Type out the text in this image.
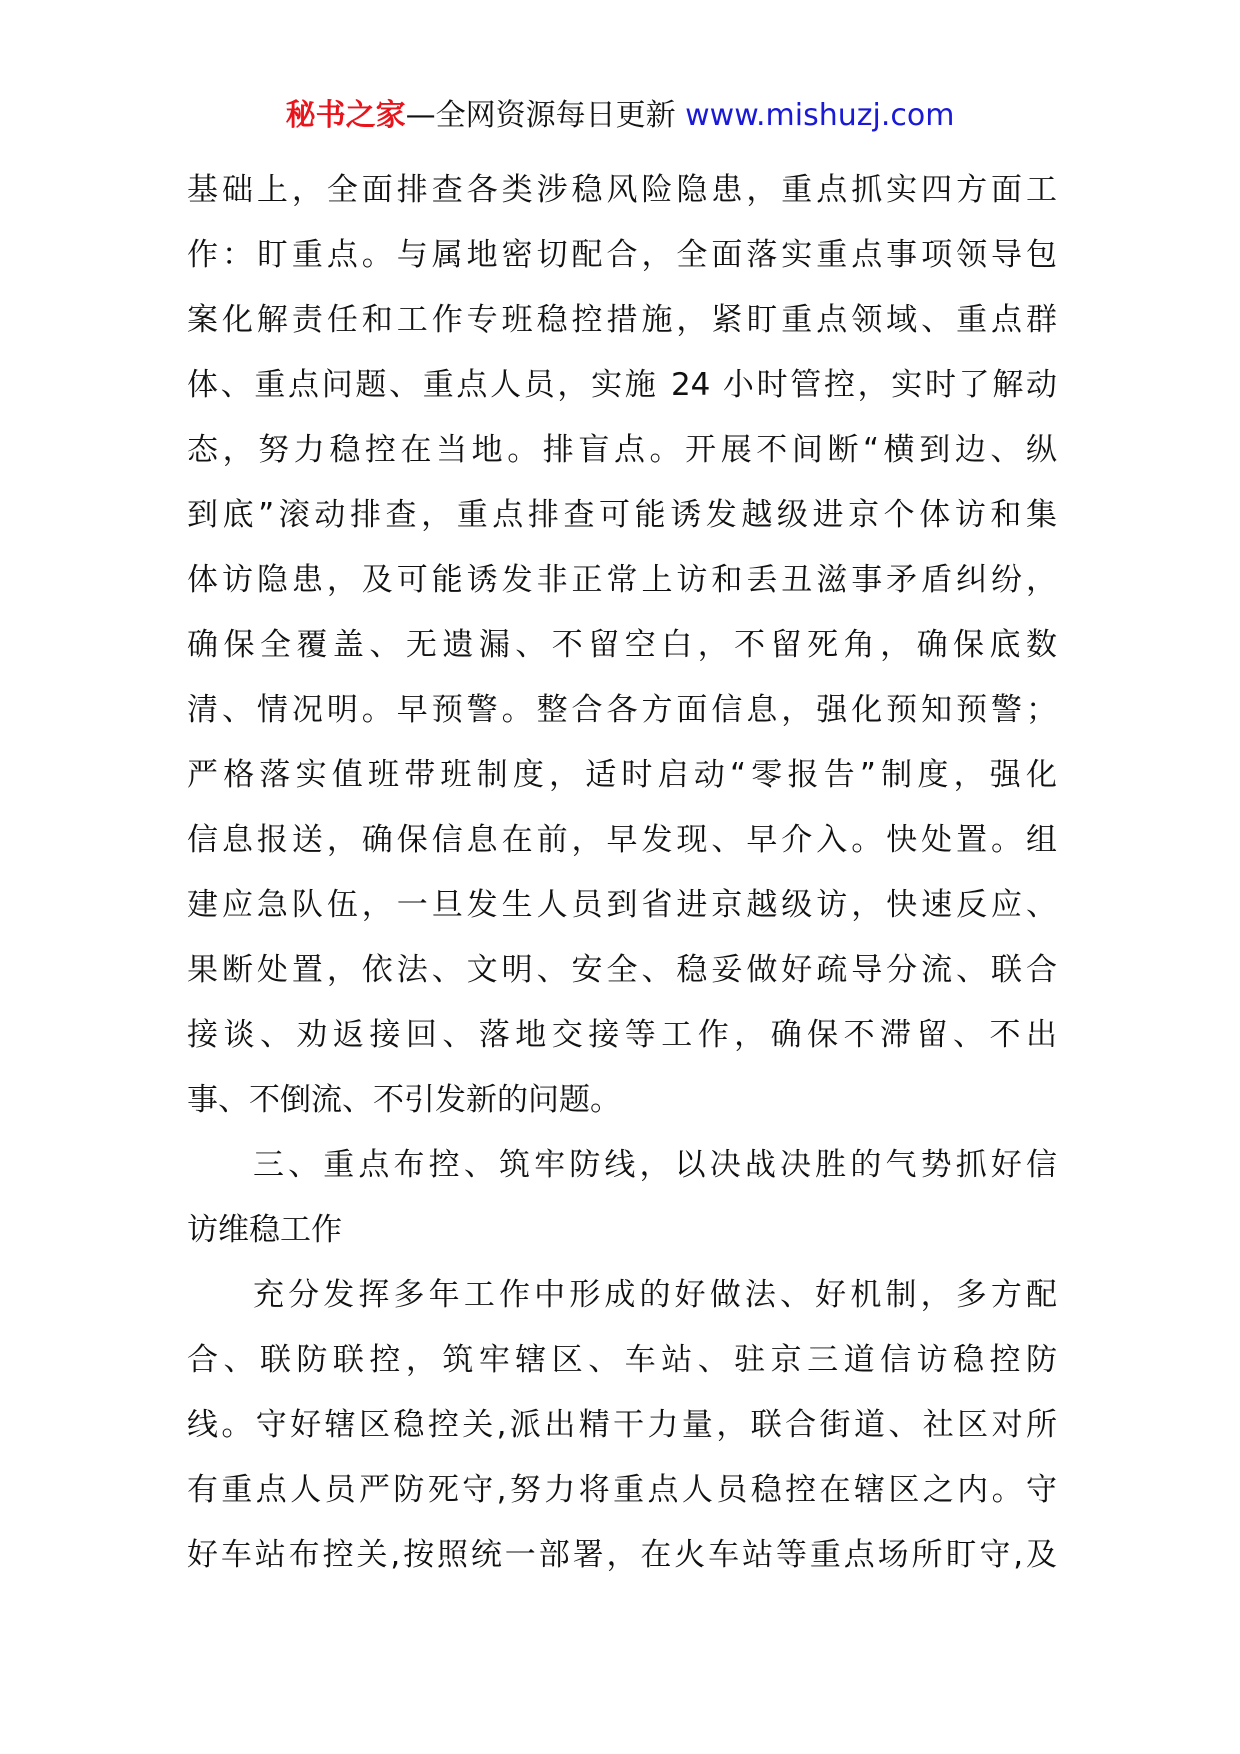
秘书之家—全网资源每日更新 www.mishuzj.com
基础上，全面排查各类涉稳风险隐患，重点抓实四方面工
作：盯重点。与属地密切配合，全面落实重点事项领导包
案化解责任和工作专班稳控措施，紧盯重点领域、重点群
体、重点问题、重点人员，实施 24 小时管控，实时了解动
态，努力稳控在当地。排盲点。开展不间断“横到边、纵
到底”滚动排查，重点排查可能诱发越级进京个体访和集
体访隐患，及可能诱发非正常上访和丢丑滋事矛盾纠纷，
确保全覆盖、无遗漏、不留空白，不留死角，确保底数
清、情况明。早预警。整合各方面信息，强化预知预警；
严格落实值班带班制度，适时启动“零报告”制度，强化
信息报送，确保信息在前，早发现、早介入。快处置。组
建应急队伍，一旦发生人员到省进京越级访，快速反应、
果断处置，依法、文明、安全、稳妥做好疏导分流、联合
接谈、劝返接回、落地交接等工作，确保不滞留、不出
事、不倒流、不引发新的问题。
三、重点布控、筑牢防线，以决战决胜的气势抓好信
访维稳工作
充分发挥多年工作中形成的好做法、好机制，多方配
合、联防联控，筑牢辖区、车站、驻京三道信访稳控防
线。守好辖区稳控关,派出精干力量，联合街道、社区对所
有重点人员严防死守,努力将重点人员稳控在辖区之内。守
好车站布控关,按照统一部署，在火车站等重点场所盯守,及
